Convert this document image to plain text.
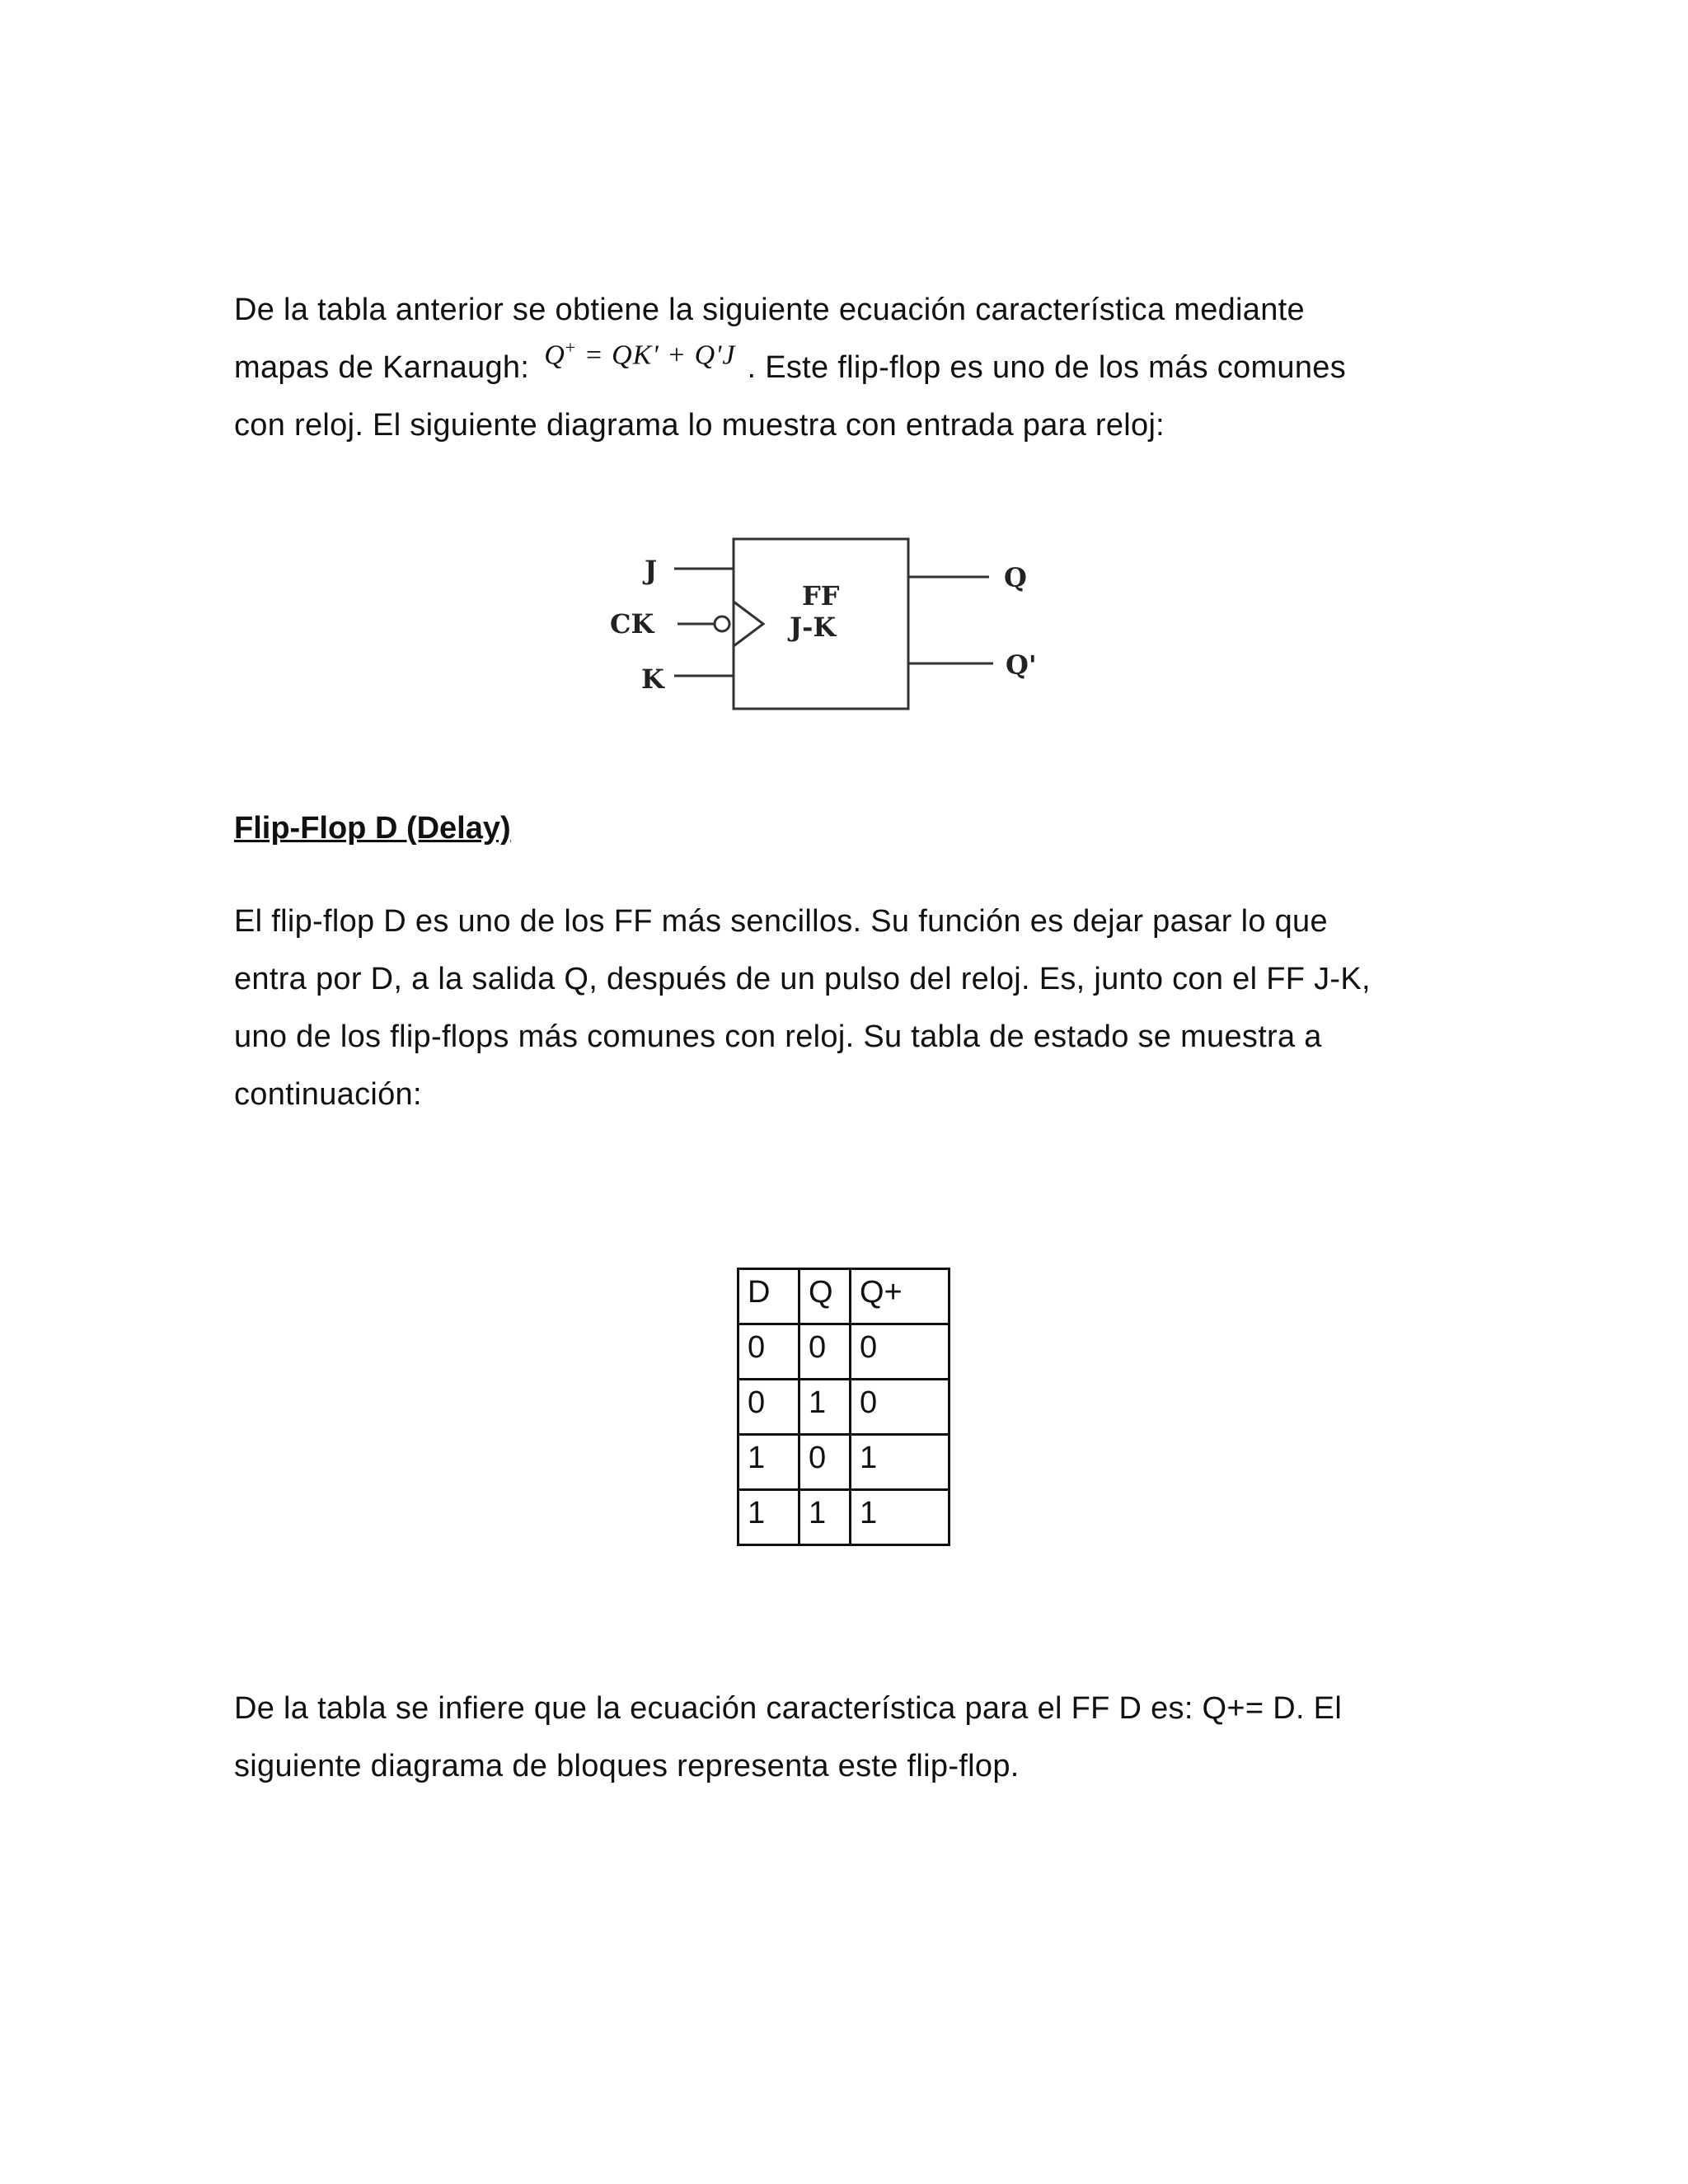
De la tabla anterior se obtiene la siguiente ecuación característica mediante

mapas de Karnaugh: Q+ = QK' + Q'J . Este flip-flop es uno de los más comunes
con reloj. El siguiente diagrama lo muestra con entrada para reloj:
J
CK
K
FF
J-K
Q
Q'
Flip-Flop D (Delay)
El flip-flop D es uno de los FF más sencillos. Su función es dejar pasar lo que
entra por D, a la salida Q, después de un pulso del reloj. Es, junto con el FF J-K,
uno de los flip-flops más comunes con reloj. Su tabla de estado se muestra a
continuación:
D	Q	Q+
0	0	0
0	1	0
1	0	1
1	1	1
De la tabla se infiere que la ecuación característica para el FF D es: Q+= D. El
siguiente diagrama de bloques representa este flip-flop.
